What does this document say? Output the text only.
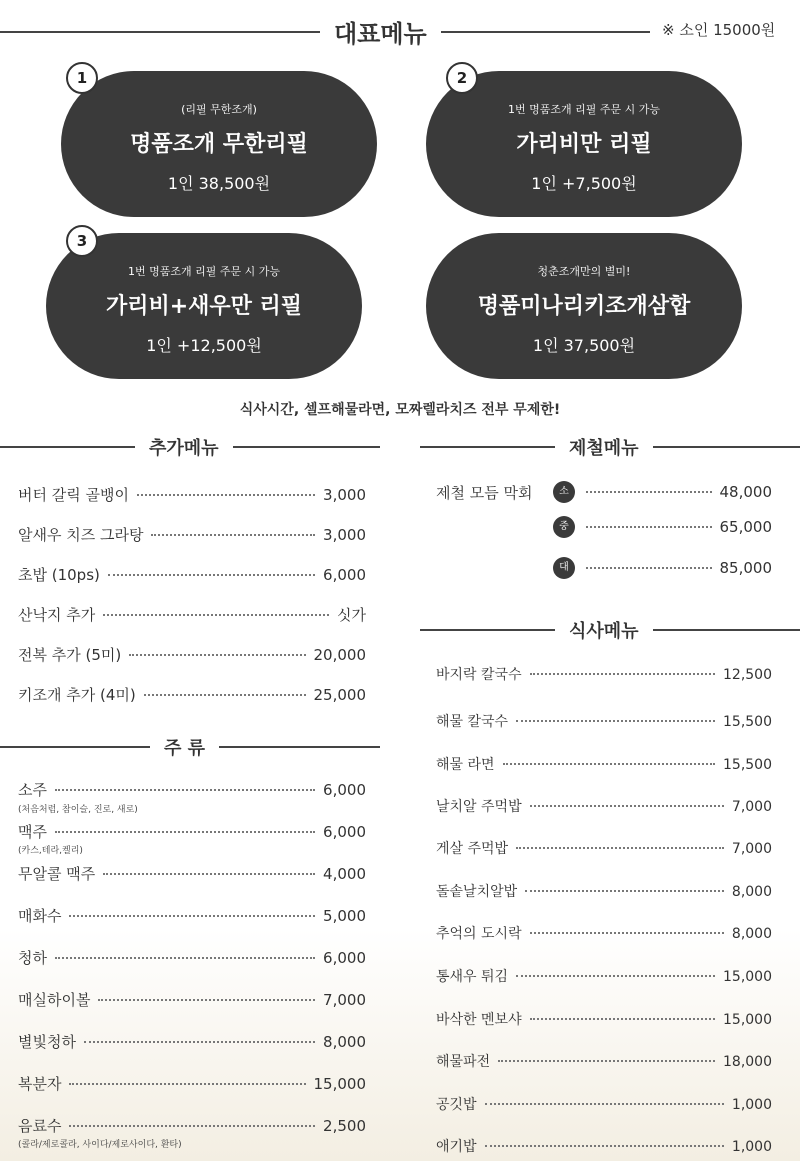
대표메뉴	※ 소인 15000원
(리필 무한조개)
명품조개 무한리필
1인 38,500원
1
1번 명품조개 리필 주문 시 가능
가리비만 리필
1인 +7,500원
2
1번 명품조개 리필 주문 시 가능
가리비+새우만 리필
1인 +12,500원
3
청춘조개만의 별미!
명품미나리키조개삼합
1인 37,500원
식사시간, 셀프해물라면, 모짜렐라치즈 전부 무제한!
추가메뉴
버터 갈릭 골뱅이	3,000
알새우 치즈 그라탕	3,000
초밥 (10ps)	6,000
산낙지 추가	싯가
전복 추가 (5미)	20,000
키조개 추가 (4미)	25,000
주 류
소주	6,000
(처음처럼, 참이슬, 진로, 새로)
맥주	6,000
(카스,테라,켈리)
무알콜 맥주	4,000
매화수	5,000
청하	6,000
매실하이볼	7,000
별빛청하	8,000
복분자	15,000
음료수	2,500
(콜라/제로콜라, 사이다/제로사이다, 환타)
제철메뉴
제철 모듬 막회	소	48,000
중	65,000
대	85,000
식사메뉴
바지락 칼국수	12,500
해물 칼국수	15,500
해물 라면	15,500
날치알 주먹밥	7,000
게살 주먹밥	7,000
돌솥날치알밥	8,000
추억의 도시락	8,000
통새우 튀김	15,000
바삭한 멘보샤	15,000
해물파전	18,000
공깃밥	1,000
애기밥	1,000
